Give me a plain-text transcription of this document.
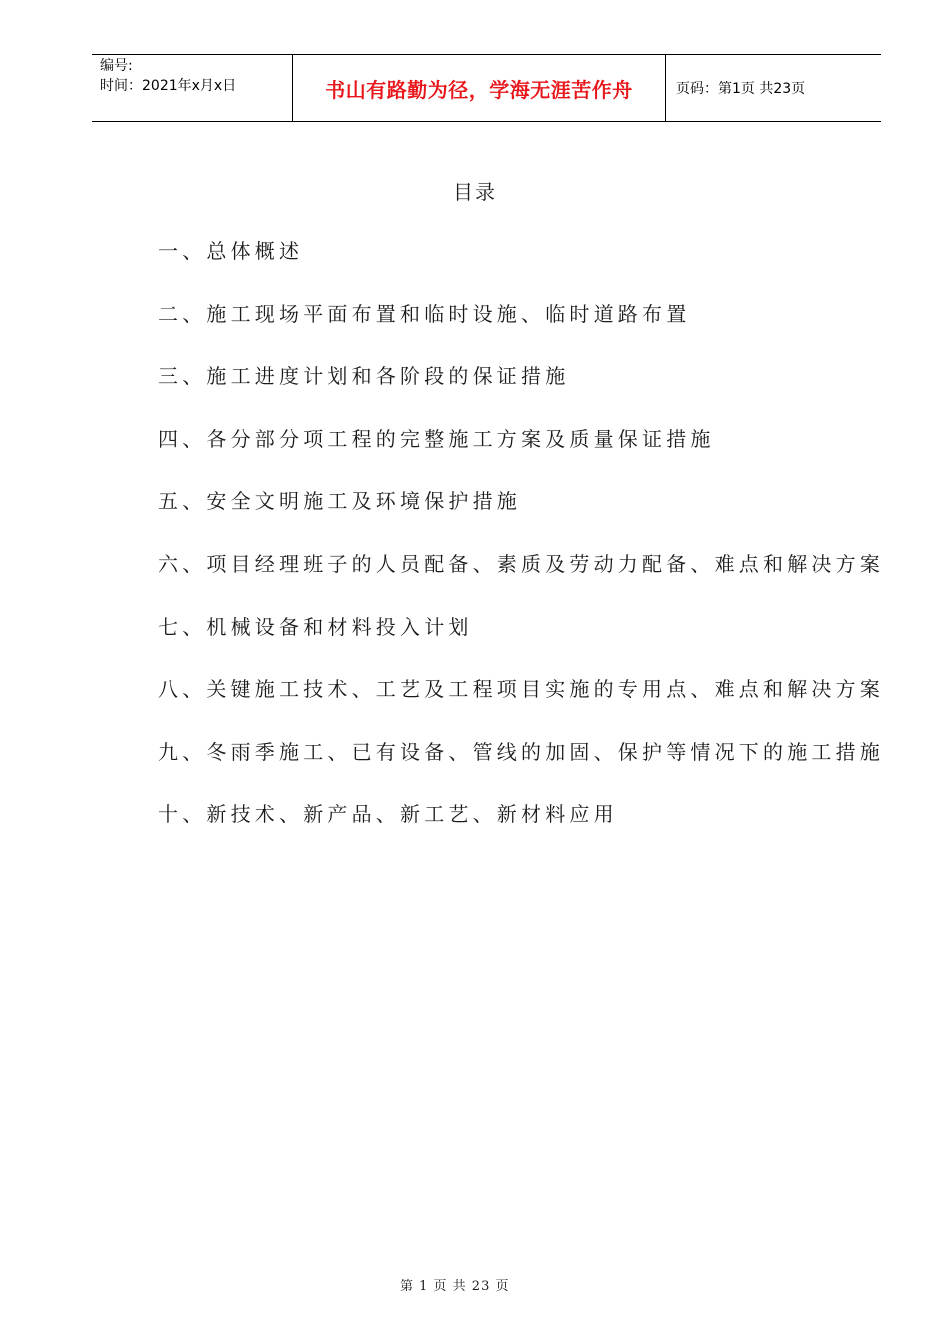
编号:
时间：2021年x月x日	书山有路勤为径，学海无涯苦作舟	页码：第1页 共23页
目录
一、总体概述
二、施工现场平面布置和临时设施、临时道路布置
三、施工进度计划和各阶段的保证措施
四、各分部分项工程的完整施工方案及质量保证措施
五、安全文明施工及环境保护措施
六、项目经理班子的人员配备、素质及劳动力配备、难点和解决方案
七、机械设备和材料投入计划
八、关键施工技术、工艺及工程项目实施的专用点、难点和解决方案
九、冬雨季施工、已有设备、管线的加固、保护等情况下的施工措施
十、新技术、新产品、新工艺、新材料应用
第 1 页 共 23 页
